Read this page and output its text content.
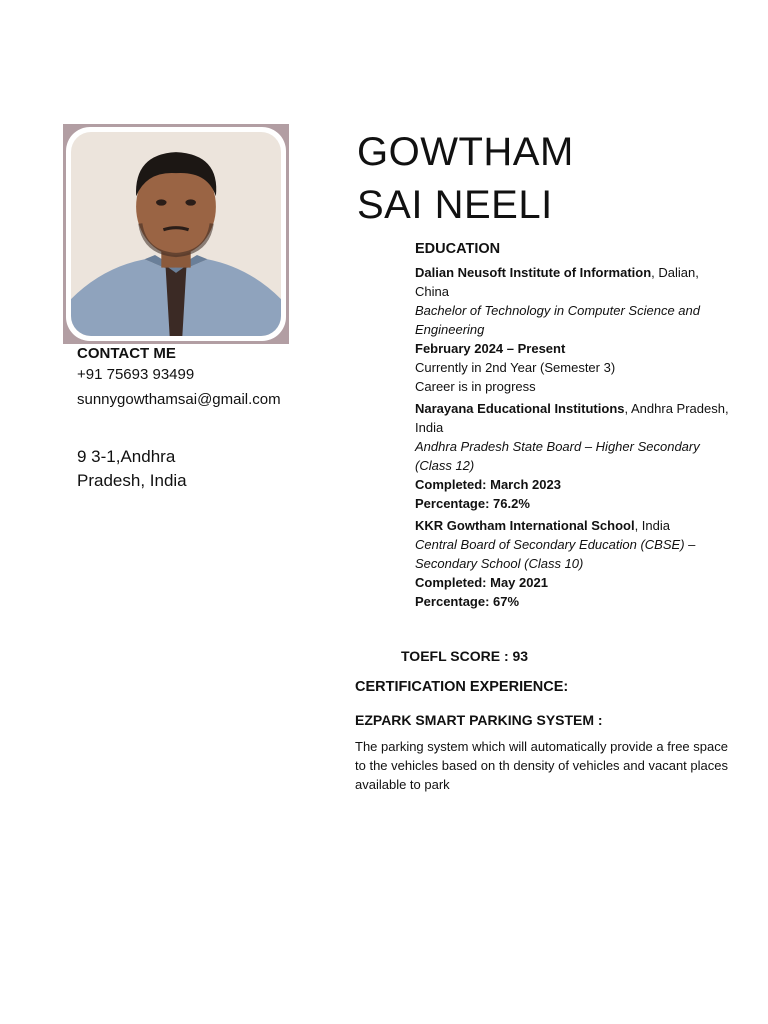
CONTACT ME
+91 75693 93499
sunnygowthamsai@gmail.com
9 3-1,Andhra Pradesh, India
GOWTHAM
SAI NEELI
EDUCATION
Dalian Neusoft Institute of Information, Dalian, China
Bachelor of Technology in Computer Science and Engineering
February 2024 – Present
Currently in 2nd Year (Semester 3)
Career is in progress
Narayana Educational Institutions, Andhra Pradesh, India
Andhra Pradesh State Board – Higher Secondary (Class 12)
Completed: March 2023
Percentage: 76.2%
KKR Gowtham International School, India
Central Board of Secondary Education (CBSE) – Secondary School (Class 10)
Completed: May 2021
Percentage: 67%
TOEFL SCORE : 93
CERTIFICATION EXPERIENCE:
EZPARK SMART PARKING SYSTEM :
The parking system which will automatically provide a free space to the vehicles based on th density of vehicles and vacant places available to park
